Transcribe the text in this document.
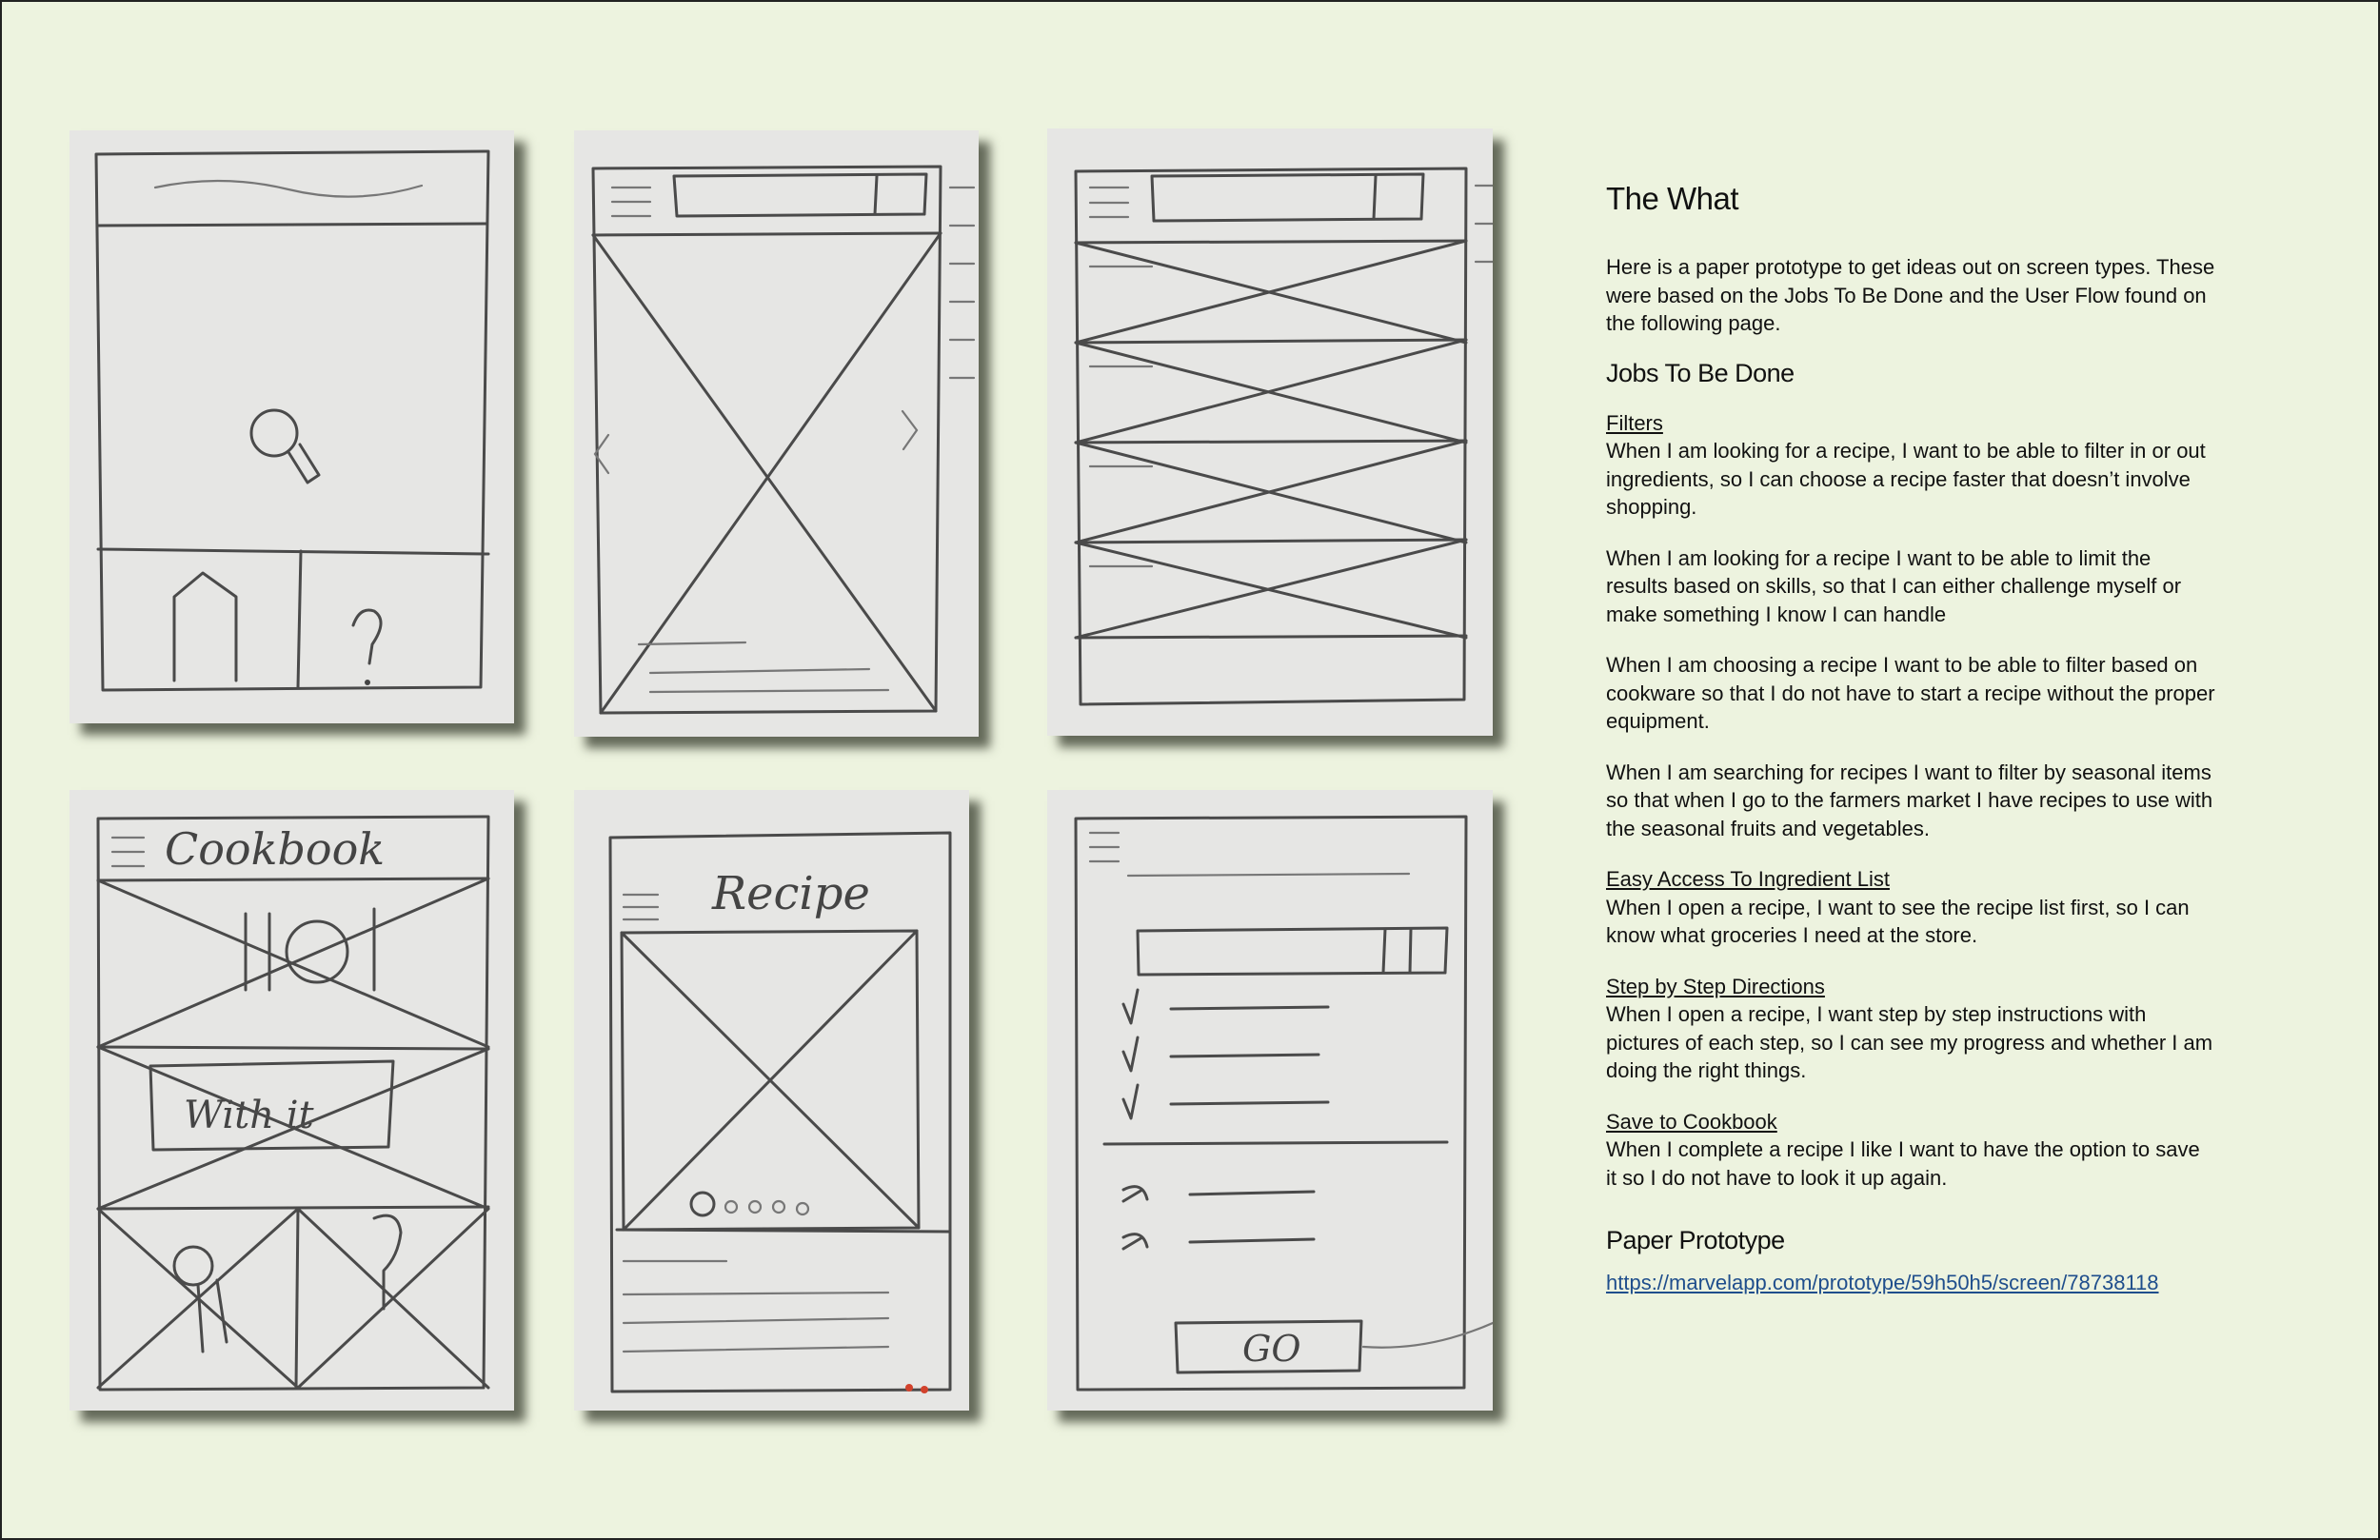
Cookbook
With it
Recipe
GO
The What

Here is a paper prototype to get ideas out on screen types. These were based on the Jobs To Be Done and the User Flow found on the following page.

Jobs To Be Done
Filters
When I am looking for a recipe, I want to be able to filter in or out ingredients, so I can choose a recipe faster that doesn’t involve shopping.
When I am looking for a recipe I want to be able to limit the results based on skills, so that I can either challenge myself or make something I know I can handle
When I am choosing a recipe I want to be able to filter based on cookware so that I do not have to start a recipe without the proper equipment.
When I am searching for recipes I want to filter by seasonal items so that when I go to the farmers market I have recipes to use with the seasonal fruits and vegetables.
Easy Access To Ingredient List
When I open a recipe, I want to see the recipe list first, so I can know what groceries I need at the store.
Step by Step Directions
When I open a recipe, I want step by step instructions with pictures of each step, so I can see my progress and whether I am doing the right things.
Save to Cookbook
When I complete a recipe I like I want to have the option to save it so I do not have to look it up again.
Paper Prototype
https://marvelapp.com/prototype/59h50h5/screen/78738118
